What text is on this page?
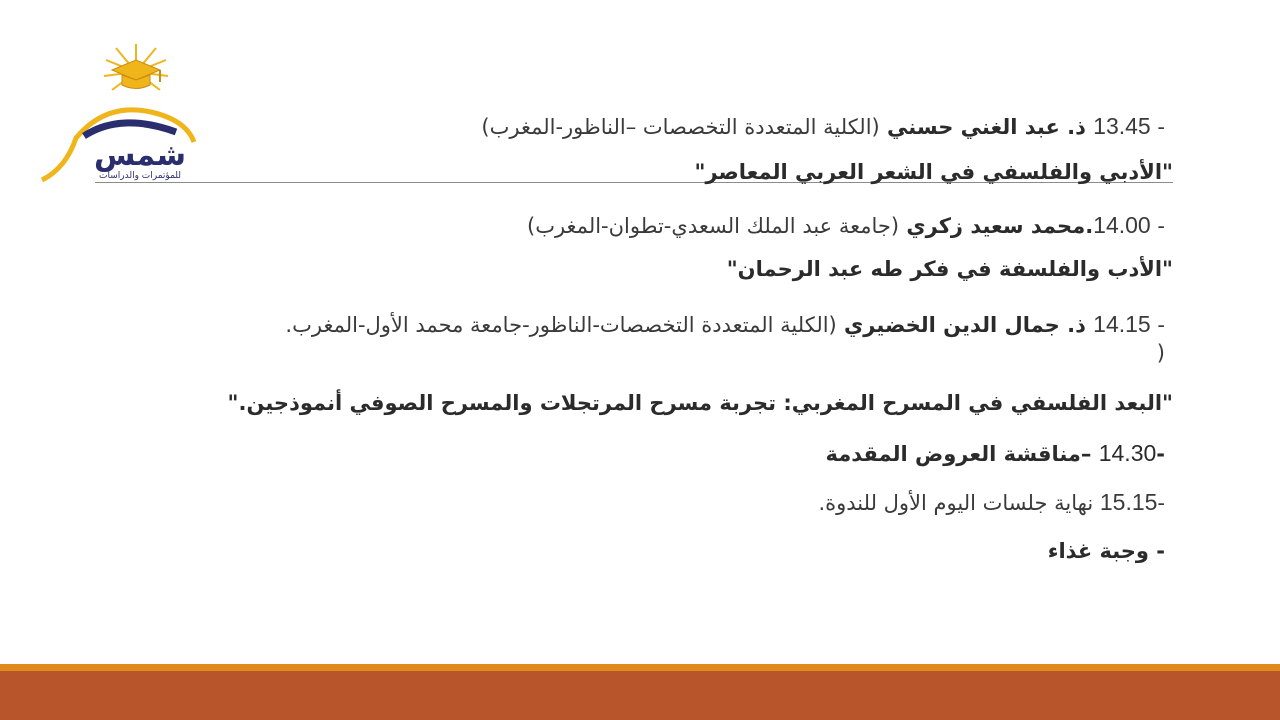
شمس
للمؤتمرات والدراسات
- 13.45 ذ. عبد الغني حسني (الكلية المتعددة التخصصات –الناظور-المغرب)
"الأدبي والفلسفي في الشعر العربي المعاصر"
- 14.00.محمد سعيد زكري (جامعة عبد الملك السعدي-تطوان-المغرب)
"الأدب والفلسفة في فكر طه عبد الرحمان"
- 14.15 ذ. جمال الدين الخضيري (الكلية المتعددة التخصصات-الناظور-جامعة محمد الأول-المغرب.
)
"البعد الفلسفي في المسرح المغربي: تجربة مسرح المرتجلات والمسرح الصوفي أنموذجين."
-14.30 –مناقشة العروض المقدمة
-15.15 نهاية جلسات اليوم الأول للندوة.
- وجبة غذاء
